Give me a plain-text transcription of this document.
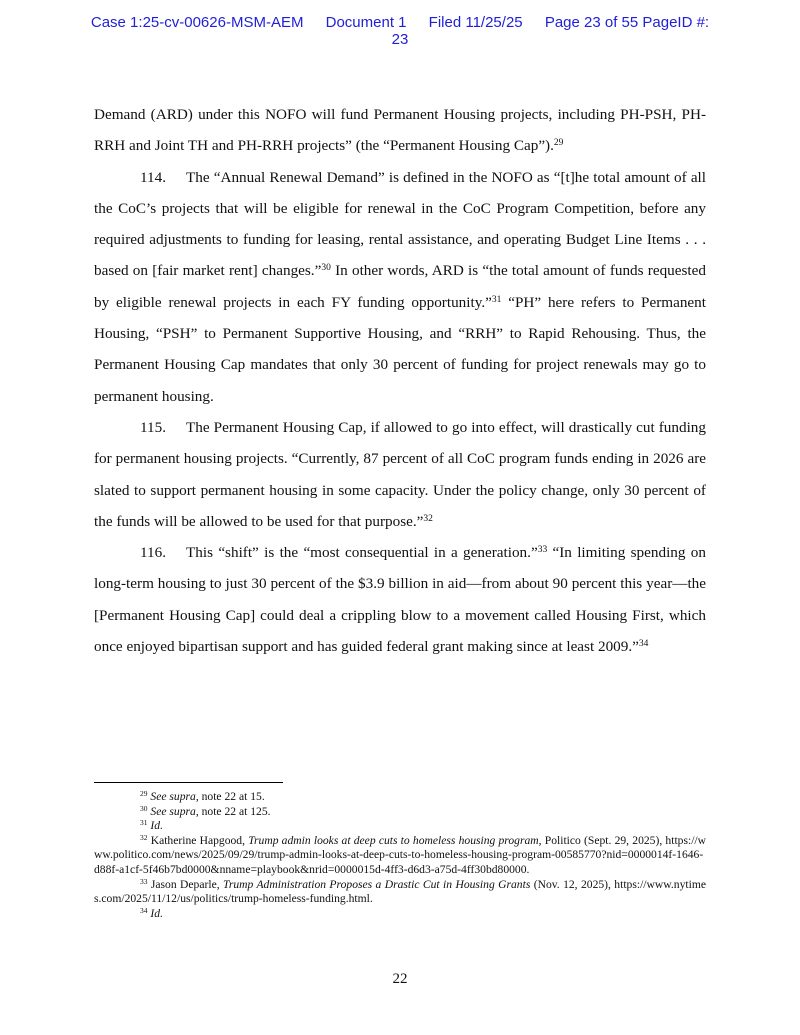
Case 1:25-cv-00626-MSM-AEM Document 1 Filed 11/25/25 Page 23 of 55 PageID #:
23

Demand (ARD) under this NOFO will fund Permanent Housing projects, including PH-PSH, PH-RRH and Joint TH and PH-RRH projects” (the “Permanent Housing Cap”).$^{29}$

114. The “Annual Renewal Demand” is defined in the NOFO as “[t]he total amount of all the CoC’s projects that will be eligible for renewal in the CoC Program Competition, before any required adjustments to funding for leasing, rental assistance, and operating Budget Line Items . . . based on [fair market rent] changes.”$^{30}$ In other words, ARD is “the total amount of funds requested by eligible renewal projects in each FY funding opportunity.”$^{31}$ “PH” here refers to Permanent Housing, “PSH” to Permanent Supportive Housing, and “RRH” to Rapid Rehousing. Thus, the Permanent Housing Cap mandates that only 30 percent of funding for project renewals may go to permanent housing.

115. The Permanent Housing Cap, if allowed to go into effect, will drastically cut funding for permanent housing projects. “Currently, 87 percent of all CoC program funds ending in 2026 are slated to support permanent housing in some capacity. Under the policy change, only 30 percent of the funds will be allowed to be used for that purpose.”$^{32}$

116. This “shift” is the “most consequential in a generation.”$^{33}$ “In limiting spending on long-term housing to just 30 percent of the $3.9 billion in aid—from about 90 percent this year—the [Permanent Housing Cap] could deal a crippling blow to a movement called Housing First, which once enjoyed bipartisan support and has guided federal grant making since at least 2009.”$^{34}$

$^{29}$ See supra, note 22 at 15.

$^{30}$ See supra, note 22 at 125.

$^{31}$ Id.

$^{32}$ Katherine Hapgood, Trump admin looks at deep cuts to homeless housing program, Politico (Sept. 29, 2025), https://www.politico.com/news/2025/09/29/trump-admin-looks-at-deep-cuts-to-homeless-housing-program-00585770?nid=0000014f-1646-d88f-a1cf-5f46b7bd0000&nname=playbook&nrid=0000015d-4ff3-d6d3-a75d-4ff30bd80000.

$^{33}$ Jason Deparle, Trump Administration Proposes a Drastic Cut in Housing Grants (Nov. 12, 2025), https://www.nytimes.com/2025/11/12/us/politics/trump-homeless-funding.html.

$^{34}$ Id.

22
